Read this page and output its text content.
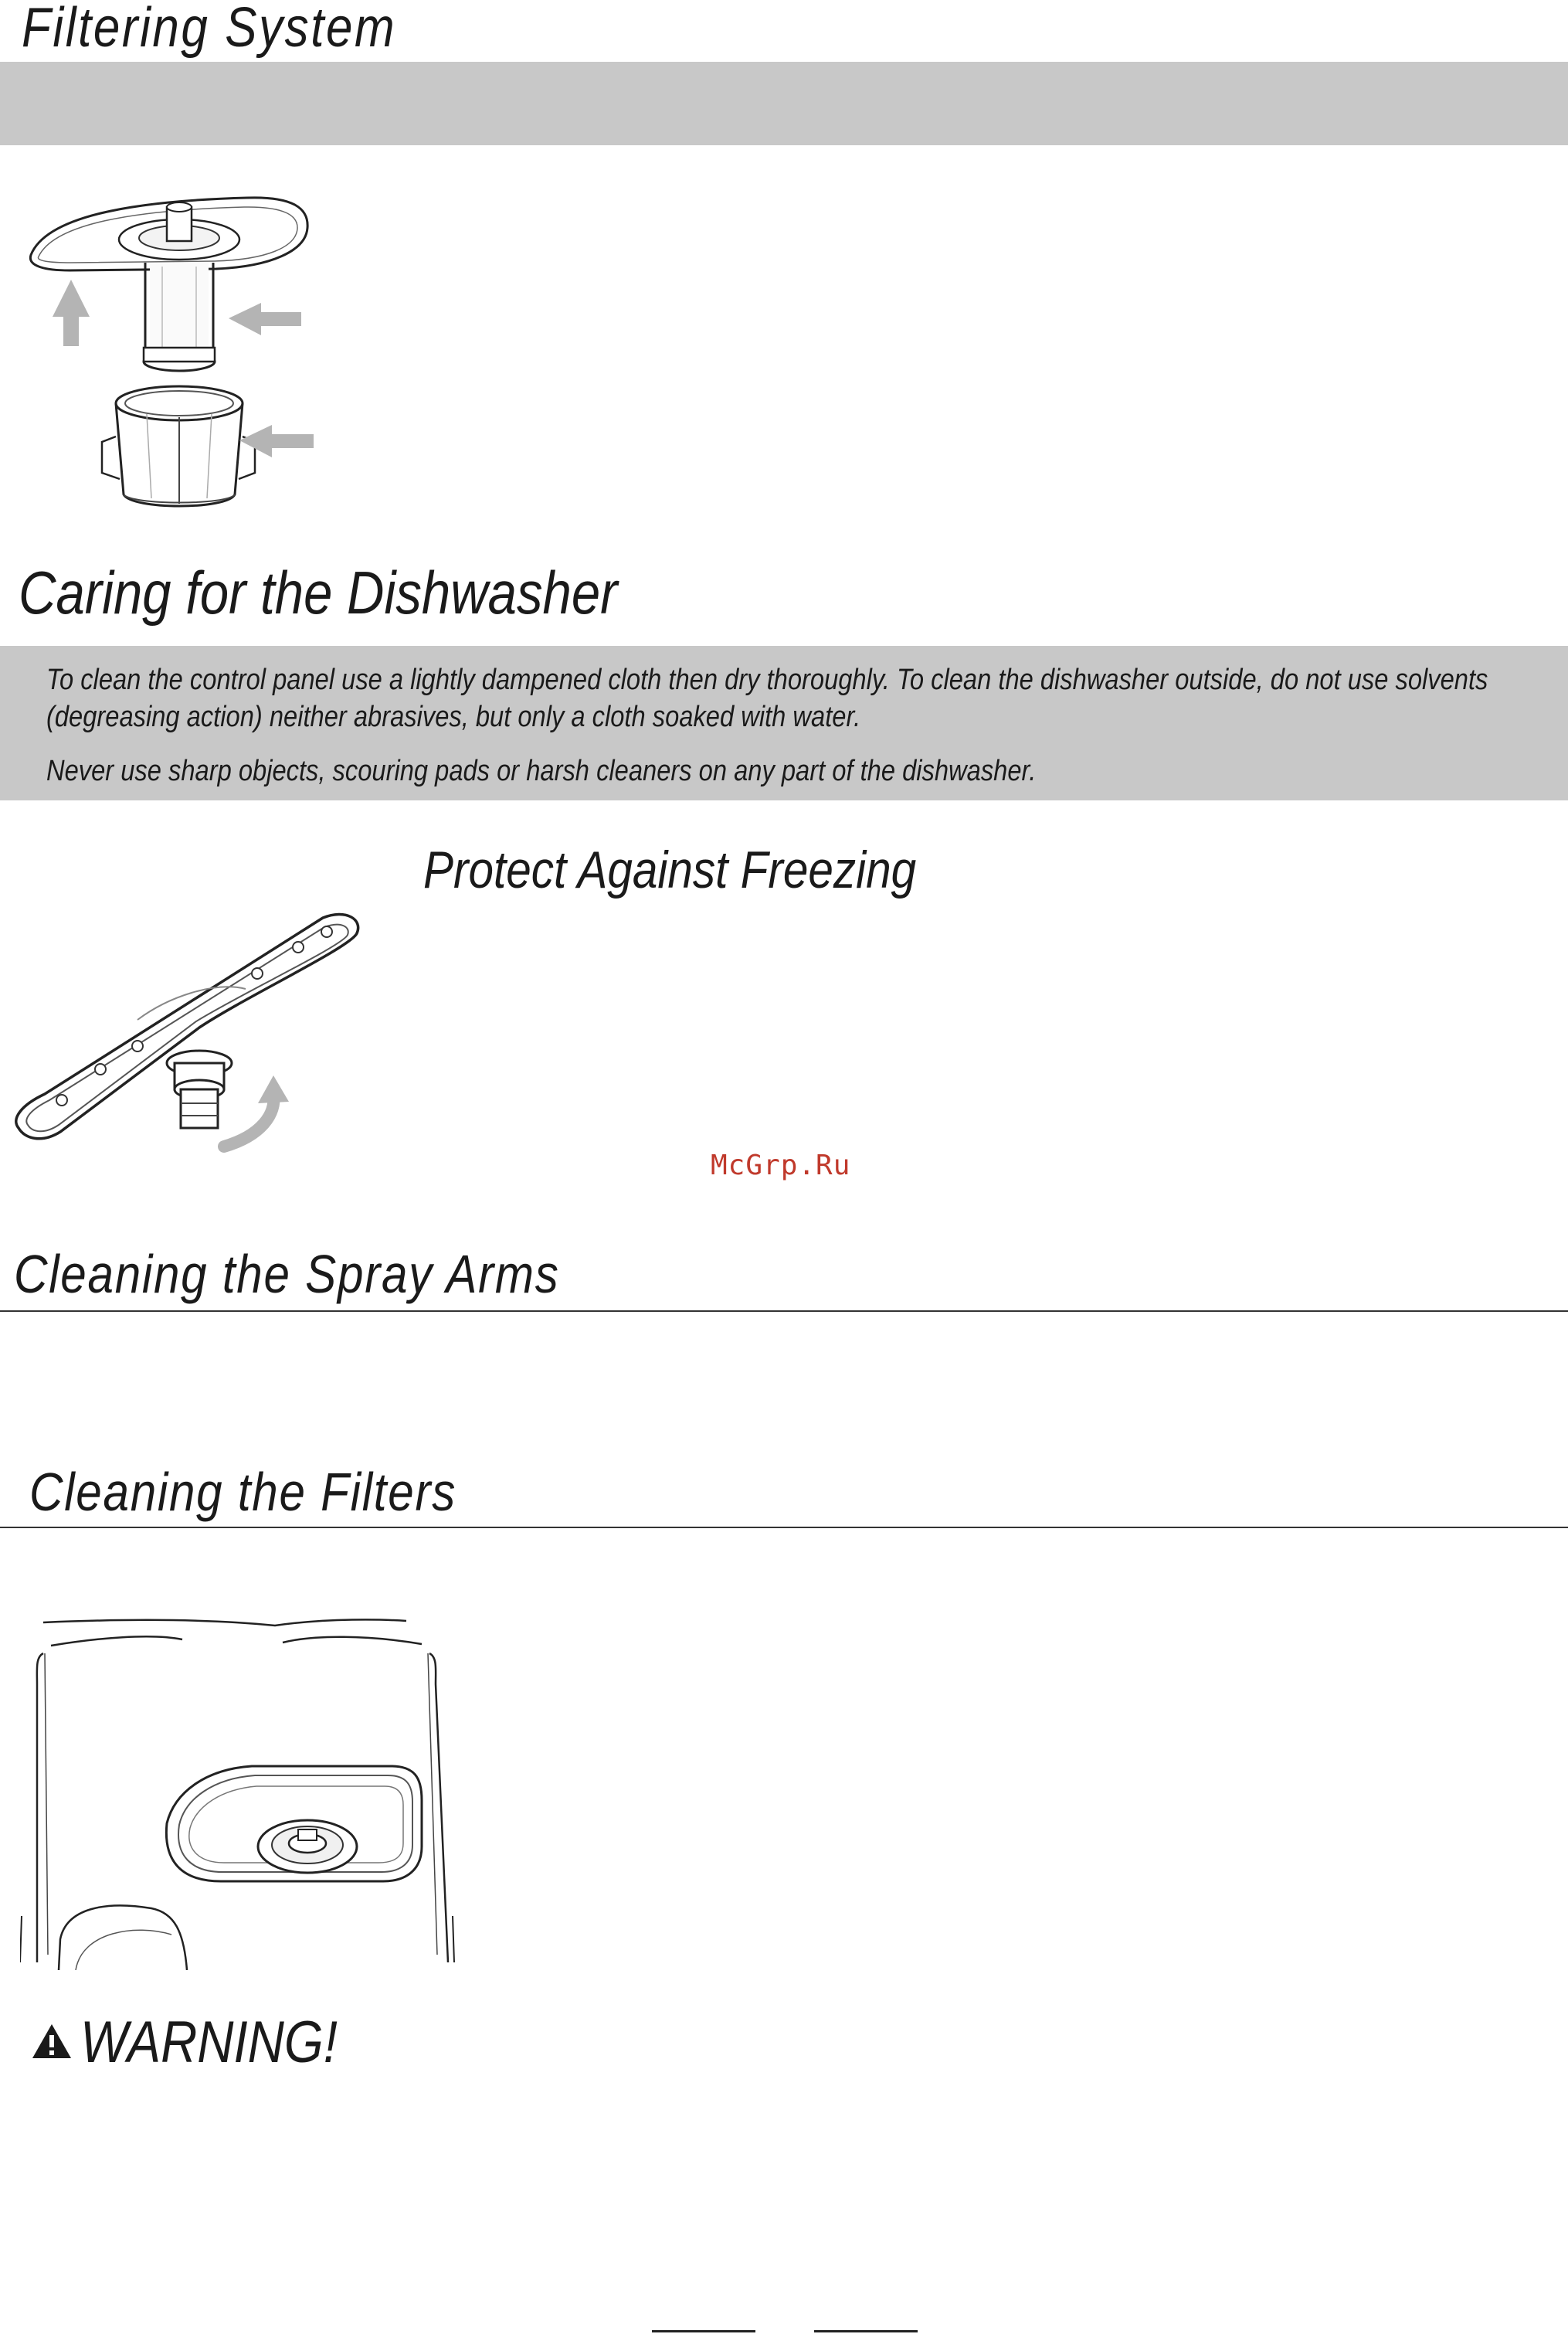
Filtering System
Caring for the Dishwasher

To clean the control panel use a lightly dampened cloth then dry thoroughly. To clean the dishwasher outside, do not use solvents (degreasing action) neither abrasives, but only a cloth soaked with water.

Never use sharp objects, scouring pads or harsh cleaners on any part of the dishwasher.

Protect Against Freezing

McGrp.Ru

Cleaning the Spray Arms
Cleaning the Filters
WARNING!
